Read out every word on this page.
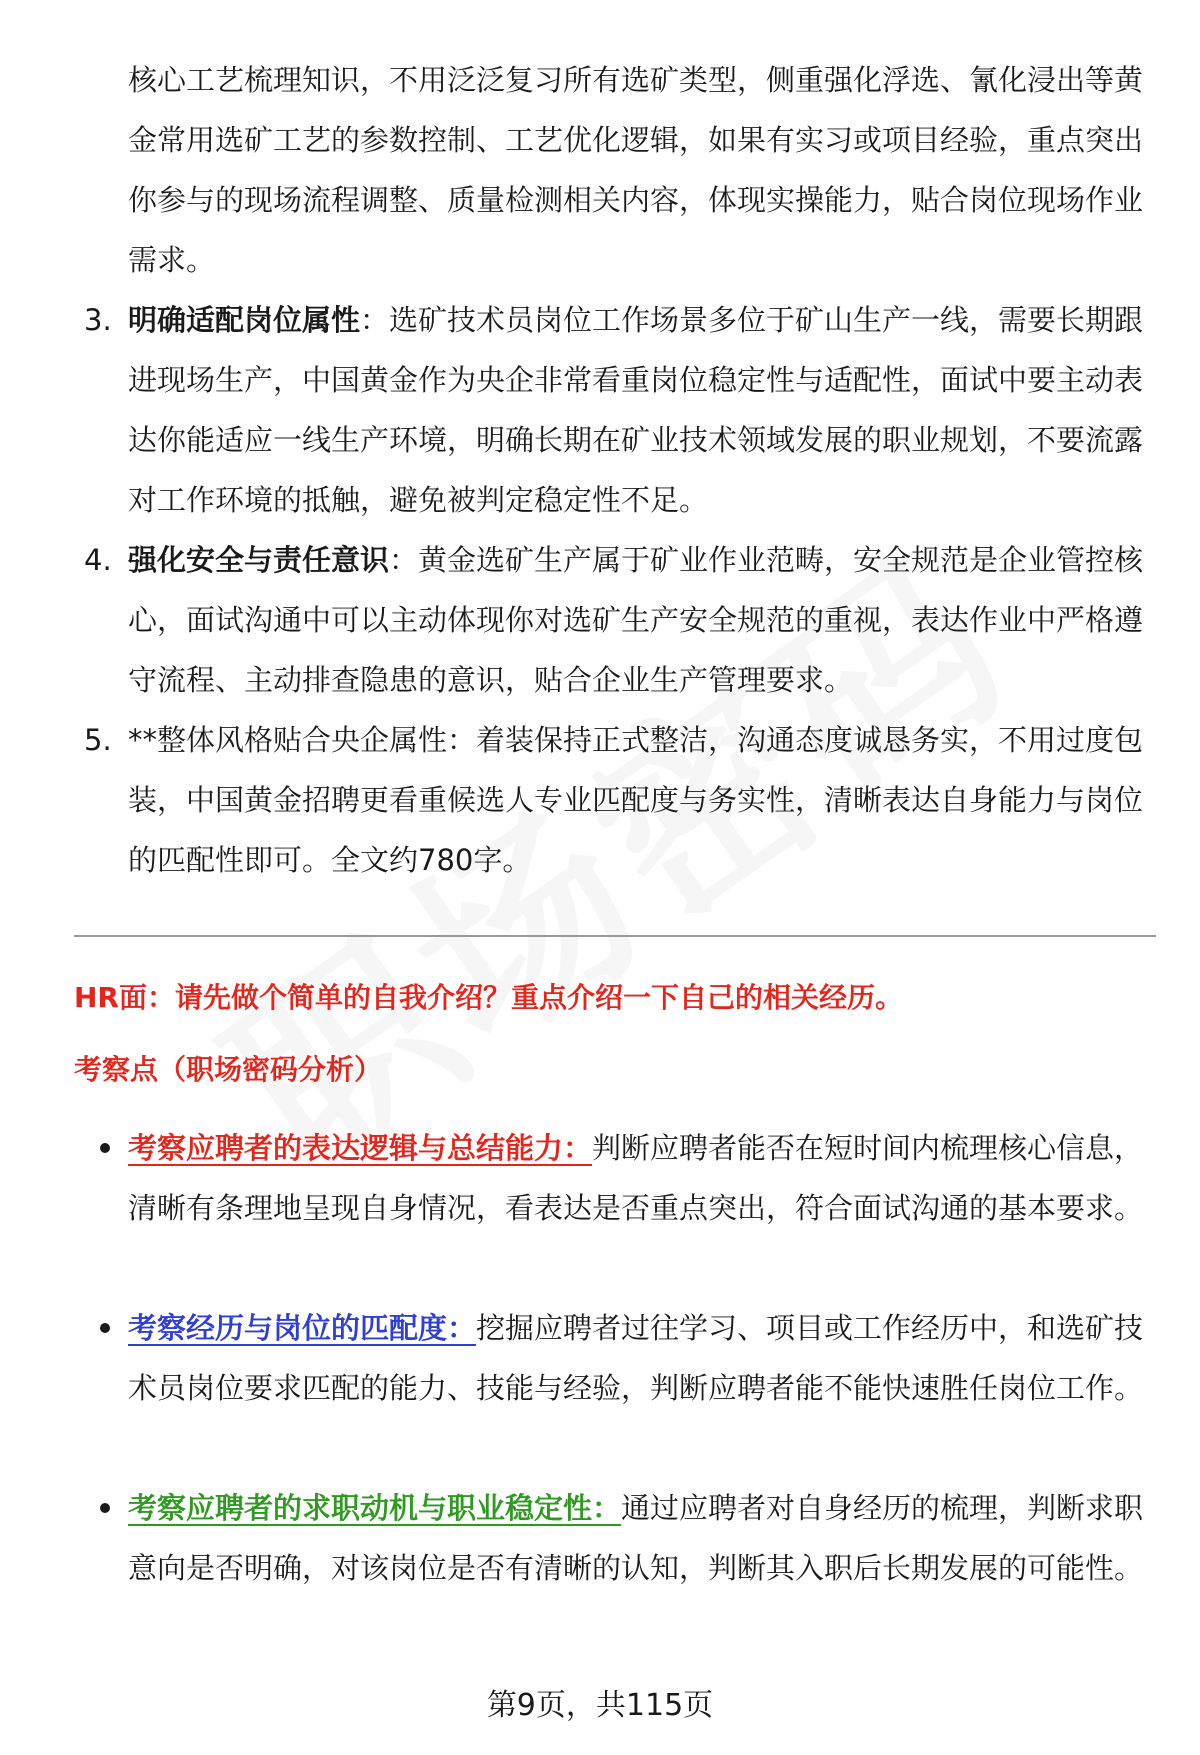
核心工艺梳理知识，不用泛泛复习所有选矿类型，侧重强化浮选、氰化浸出等黄金常用选矿工艺的参数控制、工艺优化逻辑，如果有实习或项目经验，重点突出你参与的现场流程调整、质量检测相关内容，体现实操能力，贴合岗位现场作业需求。
3. 明确适配岗位属性：选矿技术员岗位工作场景多位于矿山生产一线，需要长期跟进现场生产，中国黄金作为央企非常看重岗位稳定性与适配性，面试中要主动表达你能适应一线生产环境，明确长期在矿业技术领域发展的职业规划，不要流露对工作环境的抵触，避免被判定稳定性不足。
4. 强化安全与责任意识：黄金选矿生产属于矿业作业范畴，安全规范是企业管控核心，面试沟通中可以主动体现你对选矿生产安全规范的重视，表达作业中严格遵守流程、主动排查隐患的意识，贴合企业生产管理要求。
5. **整体风格贴合央企属性：着装保持正式整洁，沟通态度诚恳务实，不用过度包装，中国黄金招聘更看重候选人专业匹配度与务实性，清晰表达自身能力与岗位的匹配性即可。全文约780字。
HR面：请先做个简单的自我介绍？重点介绍一下自己的相关经历。
考察点（职场密码分析）
考察应聘者的表达逻辑与总结能力：判断应聘者能否在短时间内梳理核心信息，清晰有条理地呈现自身情况，看表达是否重点突出，符合面试沟通的基本要求。
考察经历与岗位的匹配度：挖掘应聘者过往学习、项目或工作经历中，和选矿技术员岗位要求匹配的能力、技能与经验，判断应聘者能不能快速胜任岗位工作。
考察应聘者的求职动机与职业稳定性：通过应聘者对自身经历的梳理，判断求职意向是否明确，对该岗位是否有清晰的认知，判断其入职后长期发展的可能性。
第9页，共115页
